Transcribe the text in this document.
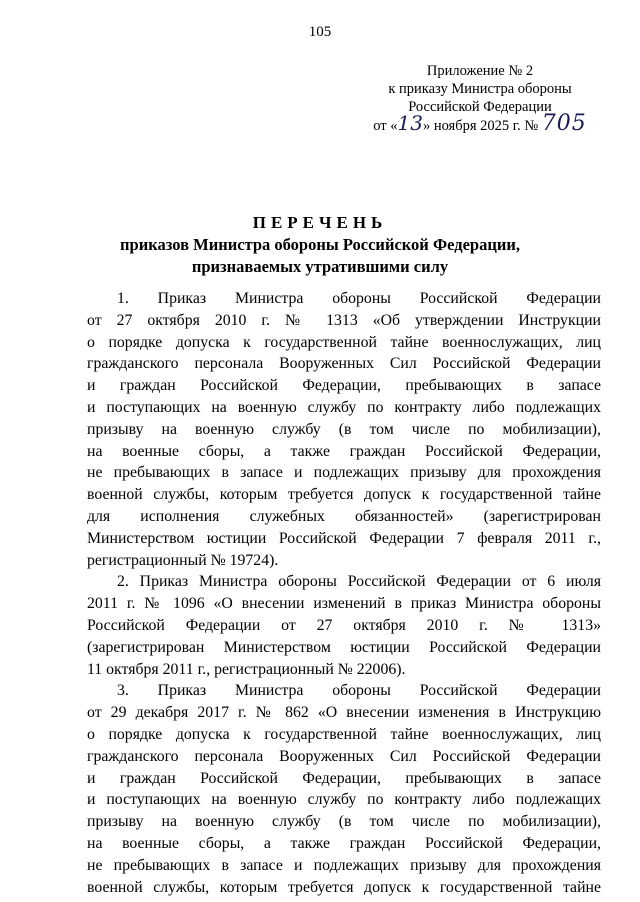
105
Приложение № 2
к приказу Министра обороны
Российской Федерации
от «13» ноября 2025 г. № 705
ПЕРЕЧЕНЬ
приказов Министра обороны Российской Федерации,
признаваемых утратившими силу
1. Приказ Министра обороны Российской Федерации
от 27 октября 2010 г. № 1313 «Об утверждении Инструкции
о порядке допуска к государственной тайне военнослужащих, лиц
гражданского персонала Вооруженных Сил Российской Федерации
и граждан Российской Федерации, пребывающих в запасе
и поступающих на военную службу по контракту либо подлежащих
призыву на военную службу (в том числе по мобилизации),
на военные сборы, а также граждан Российской Федерации,
не пребывающих в запасе и подлежащих призыву для прохождения
военной службы, которым требуется допуск к государственной тайне
для исполнения служебных обязанностей» (зарегистрирован
Министерством юстиции Российской Федерации 7 февраля 2011 г.,
регистрационный № 19724).
2. Приказ Министра обороны Российской Федерации от 6 июля
2011 г. № 1096 «О внесении изменений в приказ Министра обороны
Российской Федерации от 27 октября 2010 г. № 1313»
(зарегистрирован Министерством юстиции Российской Федерации
11 октября 2011 г., регистрационный № 22006).
3. Приказ Министра обороны Российской Федерации
от 29 декабря 2017 г. № 862 «О внесении изменения в Инструкцию
о порядке допуска к государственной тайне военнослужащих, лиц
гражданского персонала Вооруженных Сил Российской Федерации
и граждан Российской Федерации, пребывающих в запасе
и поступающих на военную службу по контракту либо подлежащих
призыву на военную службу (в том числе по мобилизации),
на военные сборы, а также граждан Российской Федерации,
не пребывающих в запасе и подлежащих призыву для прохождения
военной службы, которым требуется допуск к государственной тайне
